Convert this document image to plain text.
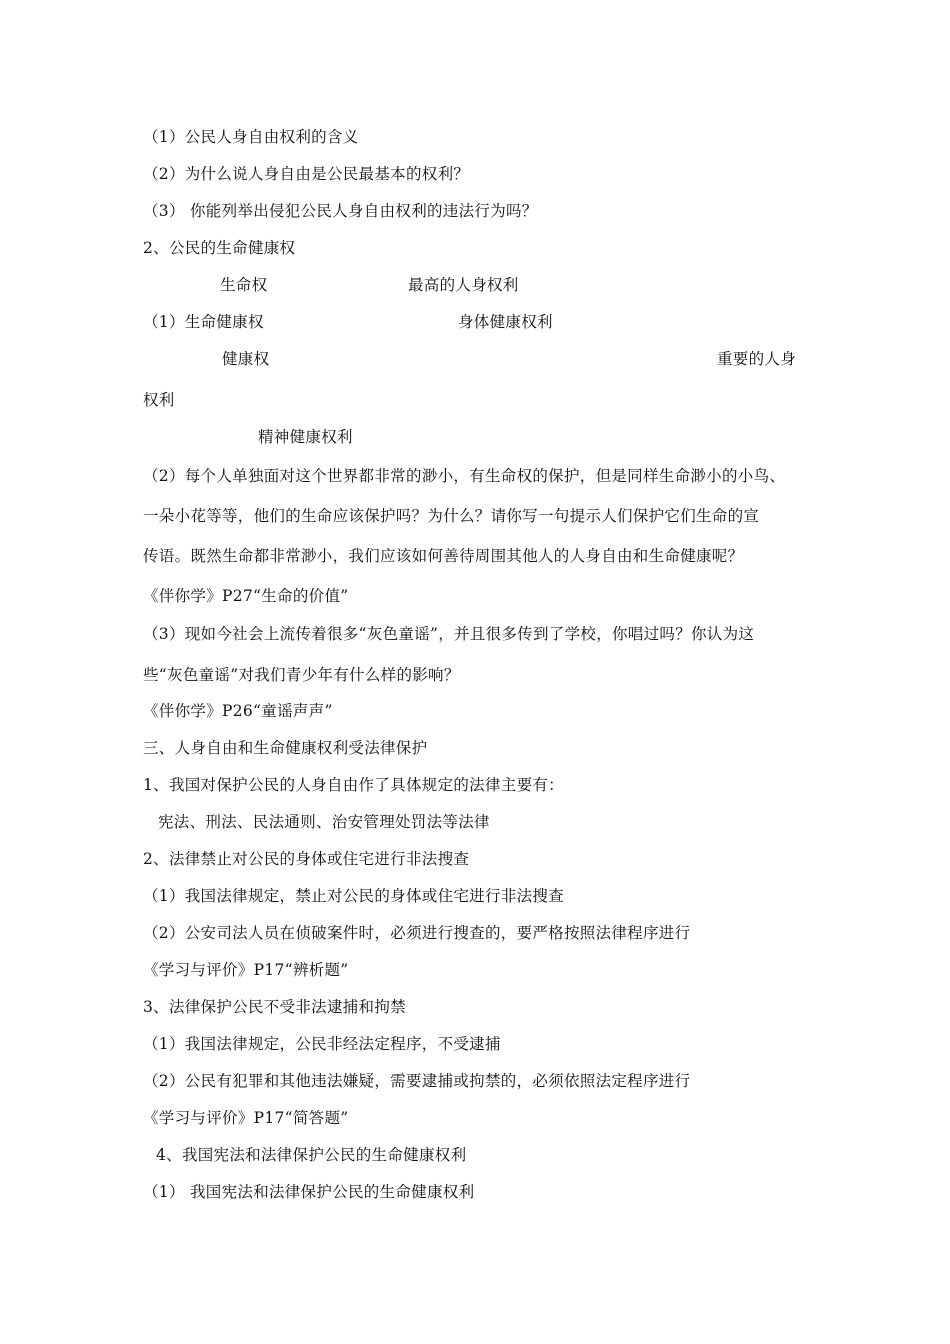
（1）公民人身自由权利的含义
（2）为什么说人身自由是公民最基本的权利？
（3） 你能列举出侵犯公民人身自由权利的违法行为吗？
2、公民的生命健康权
生命权	最高的人身权利
（1）生命健康权	身体健康权利
健康权	重要的人身
权利
精神健康权利
（2）每个人单独面对这个世界都非常的渺小，有生命权的保护，但是同样生命渺小的小鸟、
一朵小花等等，他们的生命应该保护吗？为什么？请你写一句提示人们保护它们生命的宣
传语。既然生命都非常渺小，我们应该如何善待周围其他人的人身自由和生命健康呢？
《伴你学》P27“生命的价值”
（3）现如今社会上流传着很多“灰色童谣”，并且很多传到了学校，你唱过吗？你认为这
些“灰色童谣”对我们青少年有什么样的影响？
《伴你学》P26“童谣声声”
三、人身自由和生命健康权利受法律保护
1、我国对保护公民的人身自由作了具体规定的法律主要有：
宪法、刑法、民法通则、治安管理处罚法等法律
2、法律禁止对公民的身体或住宅进行非法搜查
（1）我国法律规定，禁止对公民的身体或住宅进行非法搜查
（2）公安司法人员在侦破案件时，必须进行搜查的，要严格按照法律程序进行
《学习与评价》P17“辨析题”
3、法律保护公民不受非法逮捕和拘禁
（1）我国法律规定，公民非经法定程序，不受逮捕
（2）公民有犯罪和其他违法嫌疑，需要逮捕或拘禁的，必须依照法定程序进行
《学习与评价》P17“简答题”
4、我国宪法和法律保护公民的生命健康权利
（1） 我国宪法和法律保护公民的生命健康权利
